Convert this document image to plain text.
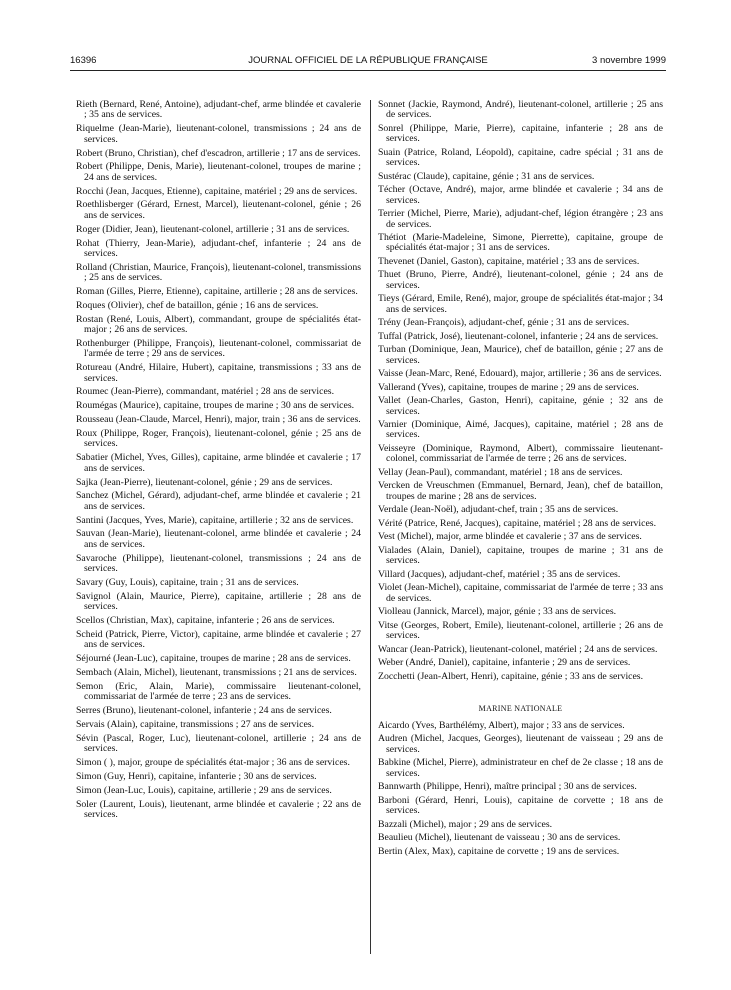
16396	JOURNAL OFFICIEL DE LA RÉPUBLIQUE FRANÇAISE	3 novembre 1999

Rieth (Bernard, René, Antoine), adjudant-chef, arme blindée et cavalerie ; 35 ans de services.

Riquelme (Jean-Marie), lieutenant-colonel, transmissions ; 24 ans de services.

Robert (Bruno, Christian), chef d'escadron, artillerie ; 17 ans de services.

Robert (Philippe, Denis, Marie), lieutenant-colonel, troupes de marine ; 24 ans de services.

Rocchi (Jean, Jacques, Etienne), capitaine, matériel ; 29 ans de services.

Roethlisberger (Gérard, Ernest, Marcel), lieutenant-colonel, génie ; 26 ans de services.

Roger (Didier, Jean), lieutenant-colonel, artillerie ; 31 ans de services.

Rohat (Thierry, Jean-Marie), adjudant-chef, infanterie ; 24 ans de services.

Rolland (Christian, Maurice, François), lieutenant-colonel, transmissions ; 25 ans de services.

Roman (Gilles, Pierre, Etienne), capitaine, artillerie ; 28 ans de services.

Roques (Olivier), chef de bataillon, génie ; 16 ans de services.

Rostan (René, Louis, Albert), commandant, groupe de spécialités état-major ; 26 ans de services.

Rothenburger (Philippe, François), lieutenant-colonel, commissariat de l'armée de terre ; 29 ans de services.

Rotureau (André, Hilaire, Hubert), capitaine, transmissions ; 33 ans de services.

Roumec (Jean-Pierre), commandant, matériel ; 28 ans de services.

Roumégas (Maurice), capitaine, troupes de marine ; 30 ans de services.

Rousseau (Jean-Claude, Marcel, Henri), major, train ; 36 ans de services.

Roux (Philippe, Roger, François), lieutenant-colonel, génie ; 25 ans de services.

Sabatier (Michel, Yves, Gilles), capitaine, arme blindée et cavalerie ; 17 ans de services.

Sajka (Jean-Pierre), lieutenant-colonel, génie ; 29 ans de services.

Sanchez (Michel, Gérard), adjudant-chef, arme blindée et cavalerie ; 21 ans de services.

Santini (Jacques, Yves, Marie), capitaine, artillerie ; 32 ans de services.

Sauvan (Jean-Marie), lieutenant-colonel, arme blindée et cavalerie ; 24 ans de services.

Savaroche (Philippe), lieutenant-colonel, transmissions ; 24 ans de services.

Savary (Guy, Louis), capitaine, train ; 31 ans de services.

Savignol (Alain, Maurice, Pierre), capitaine, artillerie ; 28 ans de services.

Scellos (Christian, Max), capitaine, infanterie ; 26 ans de services.

Scheid (Patrick, Pierre, Victor), capitaine, arme blindée et cavalerie ; 27 ans de services.

Séjourné (Jean-Luc), capitaine, troupes de marine ; 28 ans de services.

Sembach (Alain, Michel), lieutenant, transmissions ; 21 ans de services.

Semon (Eric, Alain, Marie), commissaire lieutenant-colonel, commissariat de l'armée de terre ; 23 ans de services.

Serres (Bruno), lieutenant-colonel, infanterie ; 24 ans de services.

Servais (Alain), capitaine, transmissions ; 27 ans de services.

Sévin (Pascal, Roger, Luc), lieutenant-colonel, artillerie ; 24 ans de services.

Simon ( ), major, groupe de spécialités état-major ; 36 ans de services.

Simon (Guy, Henri), capitaine, infanterie ; 30 ans de services.

Simon (Jean-Luc, Louis), capitaine, artillerie ; 29 ans de services.

Soler (Laurent, Louis), lieutenant, arme blindée et cavalerie ; 22 ans de services.

Sonnet (Jackie, Raymond, André), lieutenant-colonel, artillerie ; 25 ans de services.

Sonrel (Philippe, Marie, Pierre), capitaine, infanterie ; 28 ans de services.

Suain (Patrice, Roland, Léopold), capitaine, cadre spécial ; 31 ans de services.

Sustérac (Claude), capitaine, génie ; 31 ans de services.

Técher (Octave, André), major, arme blindée et cavalerie ; 34 ans de services.

Terrier (Michel, Pierre, Marie), adjudant-chef, légion étrangère ; 23 ans de services.

Thétiot (Marie-Madeleine, Simone, Pierrette), capitaine, groupe de spécialités état-major ; 31 ans de services.

Thevenet (Daniel, Gaston), capitaine, matériel ; 33 ans de services.

Thuet (Bruno, Pierre, André), lieutenant-colonel, génie ; 24 ans de services.

Tieys (Gérard, Emile, René), major, groupe de spécialités état-major ; 34 ans de services.

Trény (Jean-François), adjudant-chef, génie ; 31 ans de services.

Tuffal (Patrick, José), lieutenant-colonel, infanterie ; 24 ans de services.

Turban (Dominique, Jean, Maurice), chef de bataillon, génie ; 27 ans de services.

Vaisse (Jean-Marc, René, Edouard), major, artillerie ; 36 ans de services.

Vallerand (Yves), capitaine, troupes de marine ; 29 ans de services.

Vallet (Jean-Charles, Gaston, Henri), capitaine, génie ; 32 ans de services.

Varnier (Dominique, Aimé, Jacques), capitaine, matériel ; 28 ans de services.

Veisseyre (Dominique, Raymond, Albert), commissaire lieutenant-colonel, commissariat de l'armée de terre ; 26 ans de services.

Vellay (Jean-Paul), commandant, matériel ; 18 ans de services.

Vercken de Vreuschmen (Emmanuel, Bernard, Jean), chef de bataillon, troupes de marine ; 28 ans de services.

Verdale (Jean-Noël), adjudant-chef, train ; 35 ans de services.

Vérité (Patrice, René, Jacques), capitaine, matériel ; 28 ans de services.

Vest (Michel), major, arme blindée et cavalerie ; 37 ans de services.

Vialades (Alain, Daniel), capitaine, troupes de marine ; 31 ans de services.

Villard (Jacques), adjudant-chef, matériel ; 35 ans de services.

Violet (Jean-Michel), capitaine, commissariat de l'armée de terre ; 33 ans de services.

Violleau (Jannick, Marcel), major, génie ; 33 ans de services.

Vitse (Georges, Robert, Emile), lieutenant-colonel, artillerie ; 26 ans de services.

Wancar (Jean-Patrick), lieutenant-colonel, matériel ; 24 ans de services.

Weber (André, Daniel), capitaine, infanterie ; 29 ans de services.

Zocchetti (Jean-Albert, Henri), capitaine, génie ; 33 ans de services.

MARINE NATIONALE

Aicardo (Yves, Barthélémy, Albert), major ; 33 ans de services.

Audren (Michel, Jacques, Georges), lieutenant de vaisseau ; 29 ans de services.

Babkine (Michel, Pierre), administrateur en chef de 2e classe ; 18 ans de services.

Bannwarth (Philippe, Henri), maître principal ; 30 ans de services.

Barboni (Gérard, Henri, Louis), capitaine de corvette ; 18 ans de services.

Bazzali (Michel), major ; 29 ans de services.

Beaulieu (Michel), lieutenant de vaisseau ; 30 ans de services.

Bertin (Alex, Max), capitaine de corvette ; 19 ans de services.
